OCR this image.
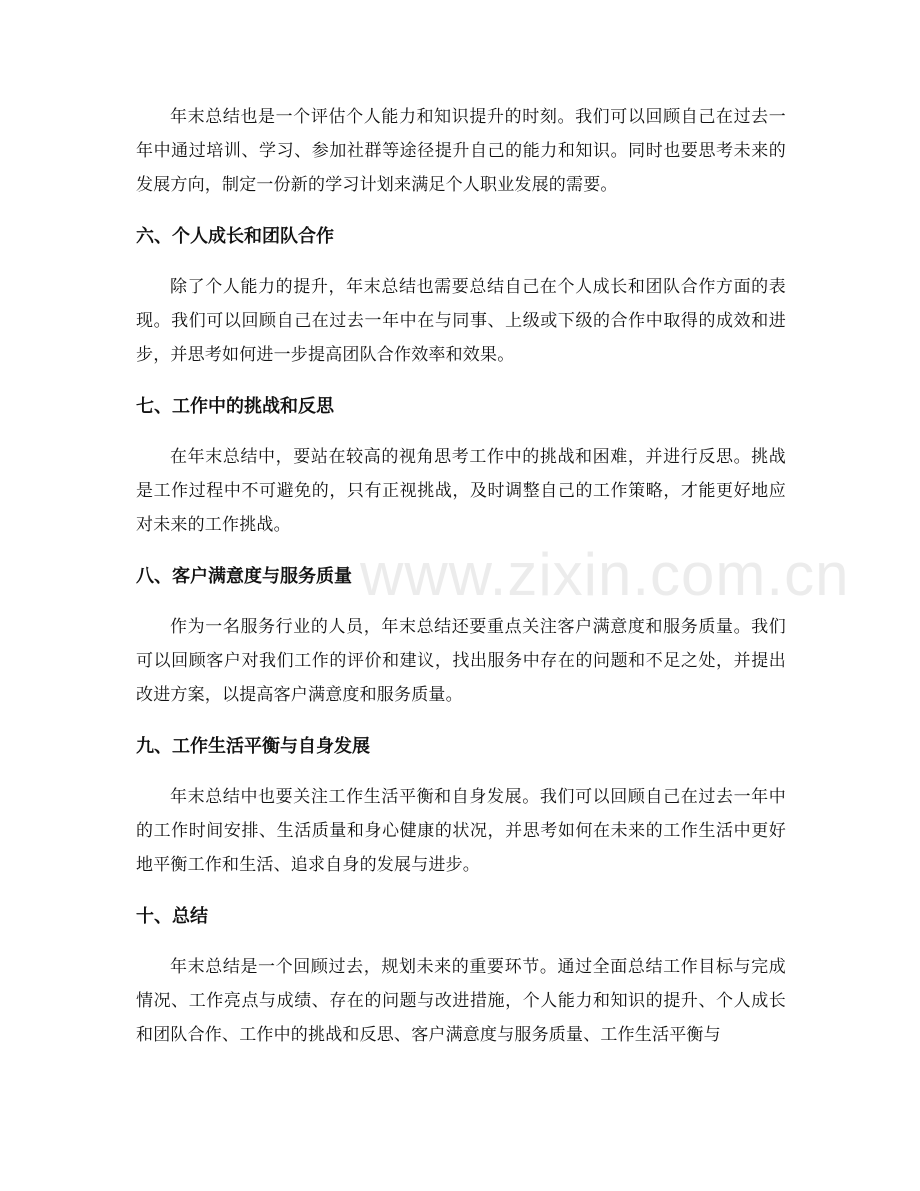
年末总结也是一个评估个人能力和知识提升的时刻。我们可以回顾自己在过去一年中通过培训、学习、参加社群等途径提升自己的能力和知识。同时也要思考未来的发展方向，制定一份新的学习计划来满足个人职业发展的需要。

六、个人成长和团队合作

除了个人能力的提升，年末总结也需要总结自己在个人成长和团队合作方面的表现。我们可以回顾自己在过去一年中在与同事、上级或下级的合作中取得的成效和进步，并思考如何进一步提高团队合作效率和效果。

七、工作中的挑战和反思

在年末总结中，要站在较高的视角思考工作中的挑战和困难，并进行反思。挑战是工作过程中不可避免的，只有正视挑战，及时调整自己的工作策略，才能更好地应对未来的工作挑战。

八、客户满意度与服务质量

作为一名服务行业的人员，年末总结还要重点关注客户满意度和服务质量。我们可以回顾客户对我们工作的评价和建议，找出服务中存在的问题和不足之处，并提出改进方案，以提高客户满意度和服务质量。

九、工作生活平衡与自身发展

年末总结中也要关注工作生活平衡和自身发展。我们可以回顾自己在过去一年中的工作时间安排、生活质量和身心健康的状况，并思考如何在未来的工作生活中更好地平衡工作和生活、追求自身的发展与进步。

十、总结

年末总结是一个回顾过去，规划未来的重要环节。通过全面总结工作目标与完成情况、工作亮点与成绩、存在的问题与改进措施，个人能力和知识的提升、个人成长和团队合作、工作中的挑战和反思、客户满意度与服务质量、工作生活平衡与

www.zixin.com.cn
